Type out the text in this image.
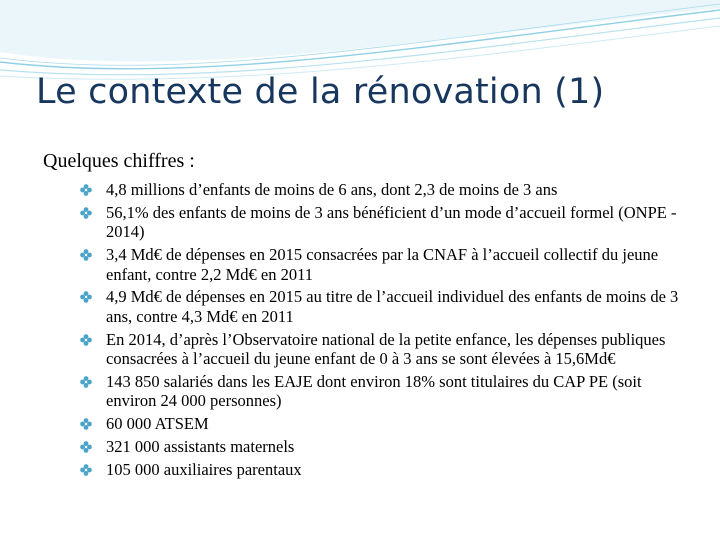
Le contexte de la rénovation (1)

Quelques chiffres :

4,8 millions d’enfants de moins de 6 ans, dont 2,3 de moins de 3 ans
56,1% des enfants de moins de 3 ans bénéficient d’un mode d’accueil formel (ONPE - 2014)
3,4 Md€ de dépenses en 2015 consacrées par la CNAF à l’accueil collectif du jeune enfant, contre 2,2 Md€ en 2011
4,9 Md€ de dépenses en 2015 au titre de l’accueil individuel des enfants de moins de 3 ans, contre 4,3 Md€ en 2011
En 2014, d’après l’Observatoire national de la petite enfance, les dépenses publiques consacrées à l’accueil du jeune enfant de 0 à 3 ans se sont élevées à 15,6Md€
143 850 salariés dans les EAJE dont environ 18% sont titulaires du CAP PE (soit environ 24 000 personnes)
60 000 ATSEM
321 000 assistants maternels
105 000 auxiliaires parentaux
